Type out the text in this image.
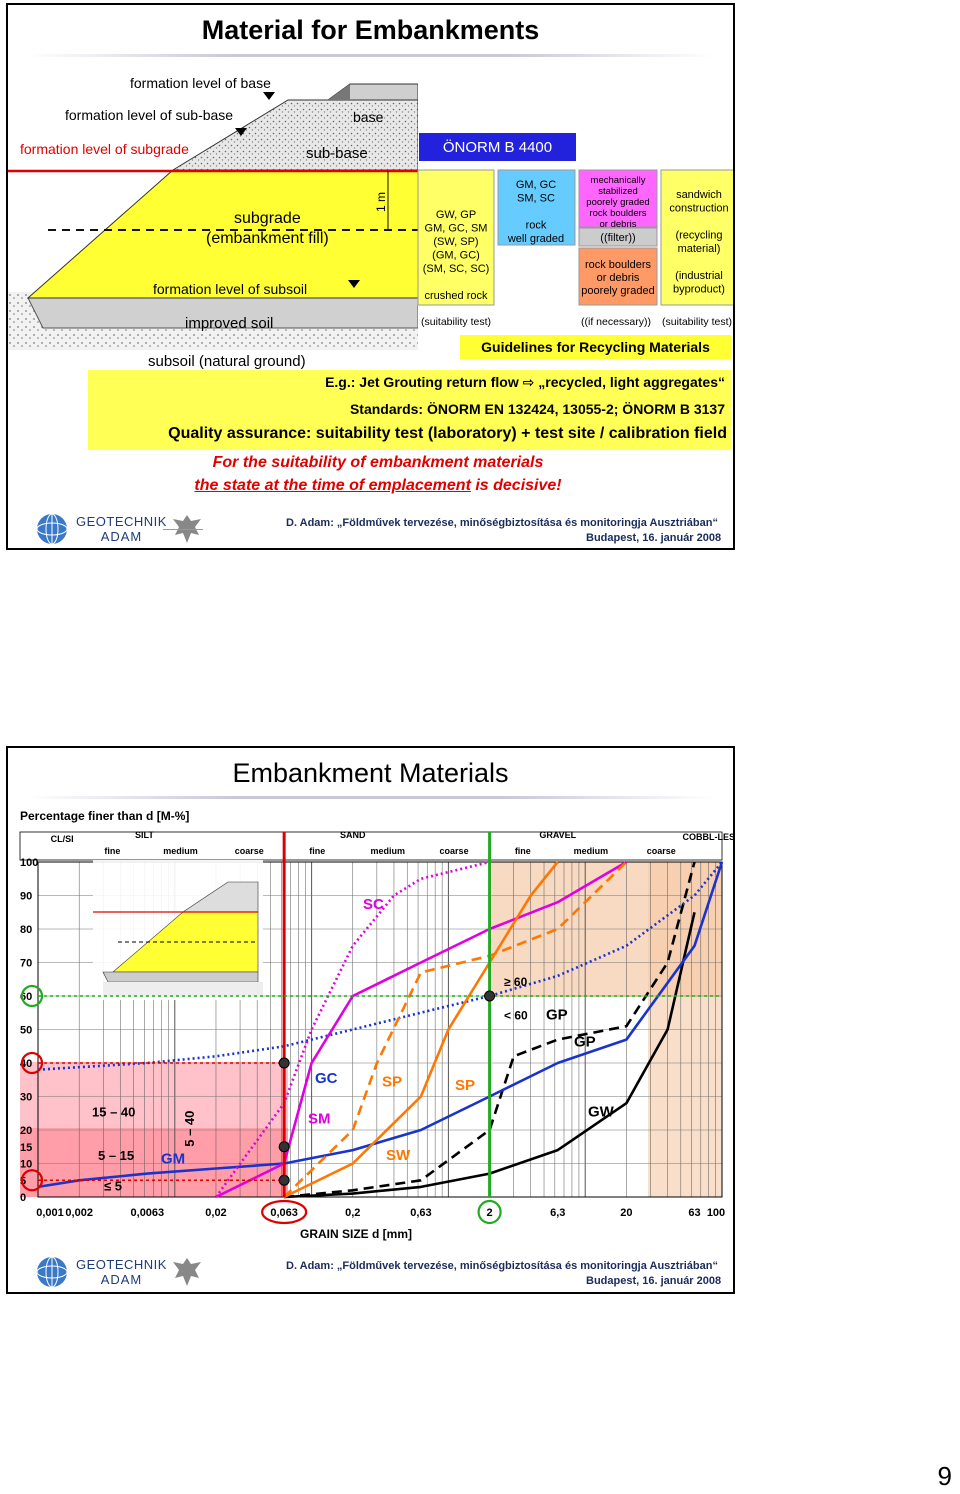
Material for Embankments
formation level of base
formation level of sub-base
formation level of subgrade
base
sub-base
subgrade
(embankment fill)
1 m
formation level of subsoil
improved soil
subsoil (natural ground)
ÖNORM B 4400
GW, GP
GM, GC, SM
(SW, SP)
(GM, GC)
(SM, SC, SC)
crushed rock
GM, GC
SM, SC
rock
well graded
mechanically
stabilized
poorely graded
rock boulders
or debris
((filter))
rock boulders
or debris
poorely graded
sandwich
construction
(recycling
material)
(industrial
byproduct)
(suitability test)	((if necessary)) (suitability test)
Guidelines for Recycling Materials
E.g.: Jet Grouting return flow ⇨ „recycled, light aggregates“
Standards: ÖNORM EN 132424, 13055-2; ÖNORM B 3137
Quality assurance: suitability test (laboratory) + test site / calibration field
For the suitability of embankment materials
the state at the time of emplacement is decisive!
GEOTECHNIK
ADAM
D. Adam: „Földművek tervezése, minőségbiztosítása és monitoringja Ausztriában“
Budapest, 16. január 2008
Embankment Materials
CL/SI	SILT	SAND	GRAVEL	COBBL-LES
fine	medium	coarse	fine	medium	coarse	fine	medium	coarse
Percentage finer than d [M-%]
0
5
10
15
20
30
40
50
60
70
80
90
100
0,001 0,002	0,0063	0,02	0,063	0,2	0,63	2	6,3	20	63 100
GRAIN SIZE d [mm]
≥ 60
< 60
15 – 40
5 – 15
≤ 5
SC
GC
SM
SP	SP
SW
GM
GP
GP
GW
5 – 40
GEOTECHNIK
ADAM
D. Adam: „Földművek tervezése, minőségbiztosítása és monitoringja Ausztriában“
Budapest, 16. január 2008
9
